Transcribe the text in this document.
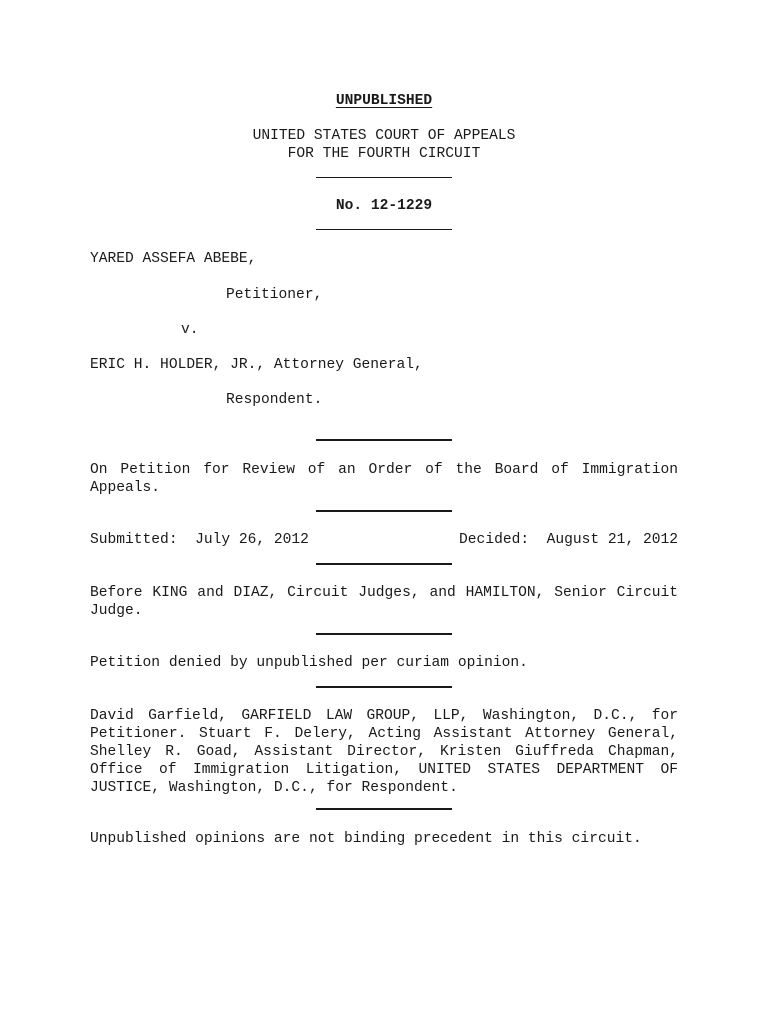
UNPUBLISHED
UNITED STATES COURT OF APPEALS
FOR THE FOURTH CIRCUIT
No. 12-1229
YARED ASSEFA ABEBE,
Petitioner,
v.
ERIC H. HOLDER, JR., Attorney General,
Respondent.
On Petition for Review of an Order of the Board of Immigration Appeals.
Submitted:  July 26, 2012	Decided:  August 21, 2012
Before KING and DIAZ, Circuit Judges, and HAMILTON, Senior Circuit Judge.
Petition denied by unpublished per curiam opinion.
David Garfield, GARFIELD LAW GROUP, LLP, Washington, D.C., for Petitioner. Stuart F. Delery, Acting Assistant Attorney General, Shelley R. Goad, Assistant Director, Kristen Giuffreda Chapman, Office of Immigration Litigation, UNITED STATES DEPARTMENT OF JUSTICE, Washington, D.C., for Respondent.
Unpublished opinions are not binding precedent in this circuit.
